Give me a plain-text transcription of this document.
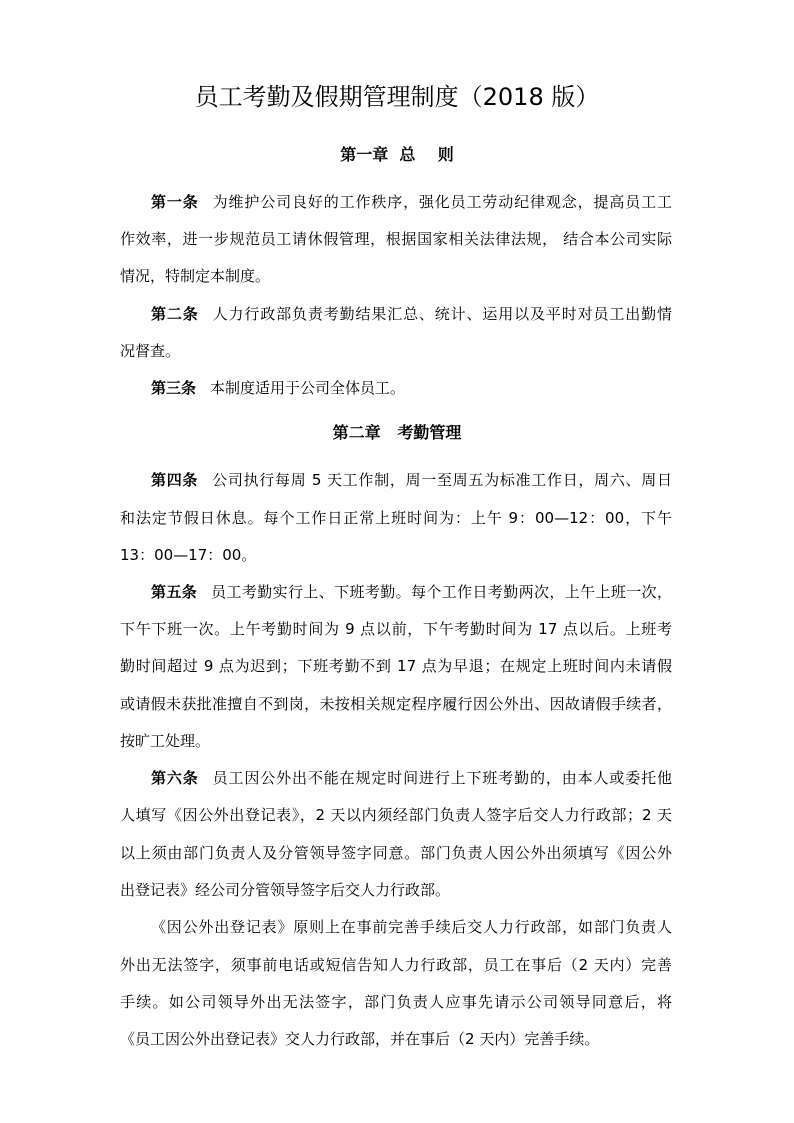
员工考勤及假期管理制度（2018 版）
第一章  总    则
第一条 为维护公司良好的工作秩序，强化员工劳动纪律观念，提高员工工
作效率，进一步规范员工请休假管理，根据国家相关法律法规， 结合本公司实际
情况，特制定本制度。
第二条 人力行政部负责考勤结果汇总、统计、运用以及平时对员工出勤情
况督查。
第三条 本制度适用于公司全体员工。
第二章   考勤管理
第四条 公司执行每周 5 天工作制，周一至周五为标准工作日，周六、周日
和法定节假日休息。每个工作日正常上班时间为：上午 9：00—12：00，下午
13：00—17：00。
第五条 员工考勤实行上、下班考勤。每个工作日考勤两次，上午上班一次，
下午下班一次。上午考勤时间为 9 点以前，下午考勤时间为 17 点以后。上班考
勤时间超过 9 点为迟到；下班考勤不到 17 点为早退；在规定上班时间内未请假
或请假未获批准擅自不到岗，未按相关规定程序履行因公外出、因故请假手续者，
按旷工处理。
第六条 员工因公外出不能在规定时间进行上下班考勤的，由本人或委托他
人填写《因公外出登记表》，2 天以内须经部门负责人签字后交人力行政部；2 天
以上须由部门负责人及分管领导签字同意。部门负责人因公外出须填写《因公外
出登记表》经公司分管领导签字后交人力行政部。
《因公外出登记表》原则上在事前完善手续后交人力行政部，如部门负责人
外出无法签字，须事前电话或短信告知人力行政部，员工在事后（2 天内）完善
手续。如公司领导外出无法签字，部门负责人应事先请示公司领导同意后，将
《员工因公外出登记表》交人力行政部，并在事后（2 天内）完善手续。
